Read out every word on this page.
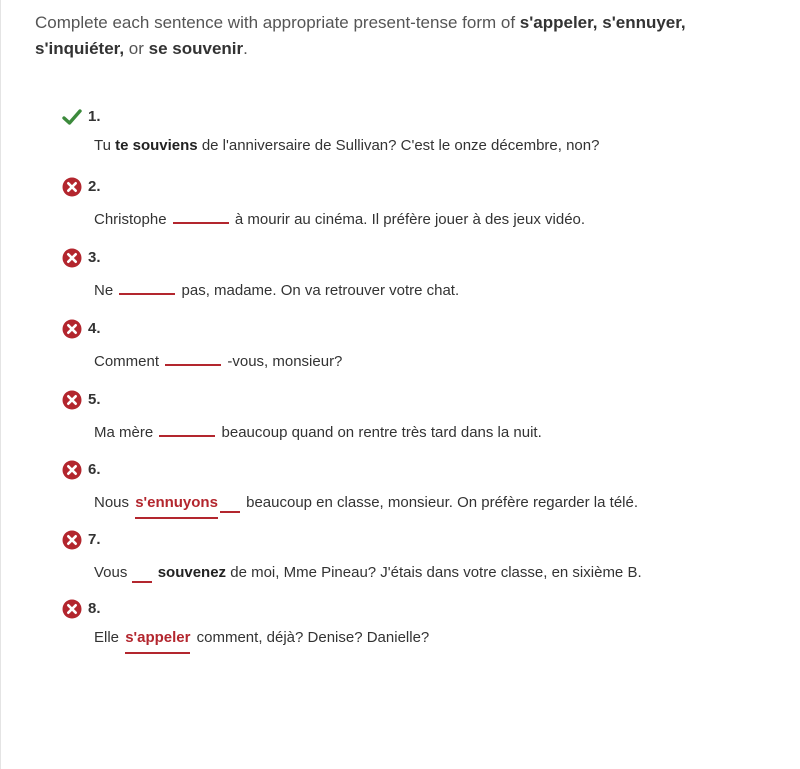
Complete each sentence with appropriate present-tense form of s'appeler, s'ennuyer, s'inquiéter, or se souvenir.
1.
Tu te souviens de l'anniversaire de Sullivan? C'est le onze décembre, non?
2.
Christophe	à mourir au cinéma. Il préfère jouer à des jeux vidéo.
3.
Ne	pas, madame. On va retrouver votre chat.
4.
Comment	-vous, monsieur?
5.
Ma mère	beaucoup quand on rentre très tard dans la nuit.
6.
Nous s'ennuyons beaucoup en classe, monsieur. On préfère regarder la télé.
7.
Vous  souvenez de moi, Mme Pineau? J'étais dans votre classe, en sixième B.
8.
Elle s'appeler comment, déjà? Denise? Danielle?
